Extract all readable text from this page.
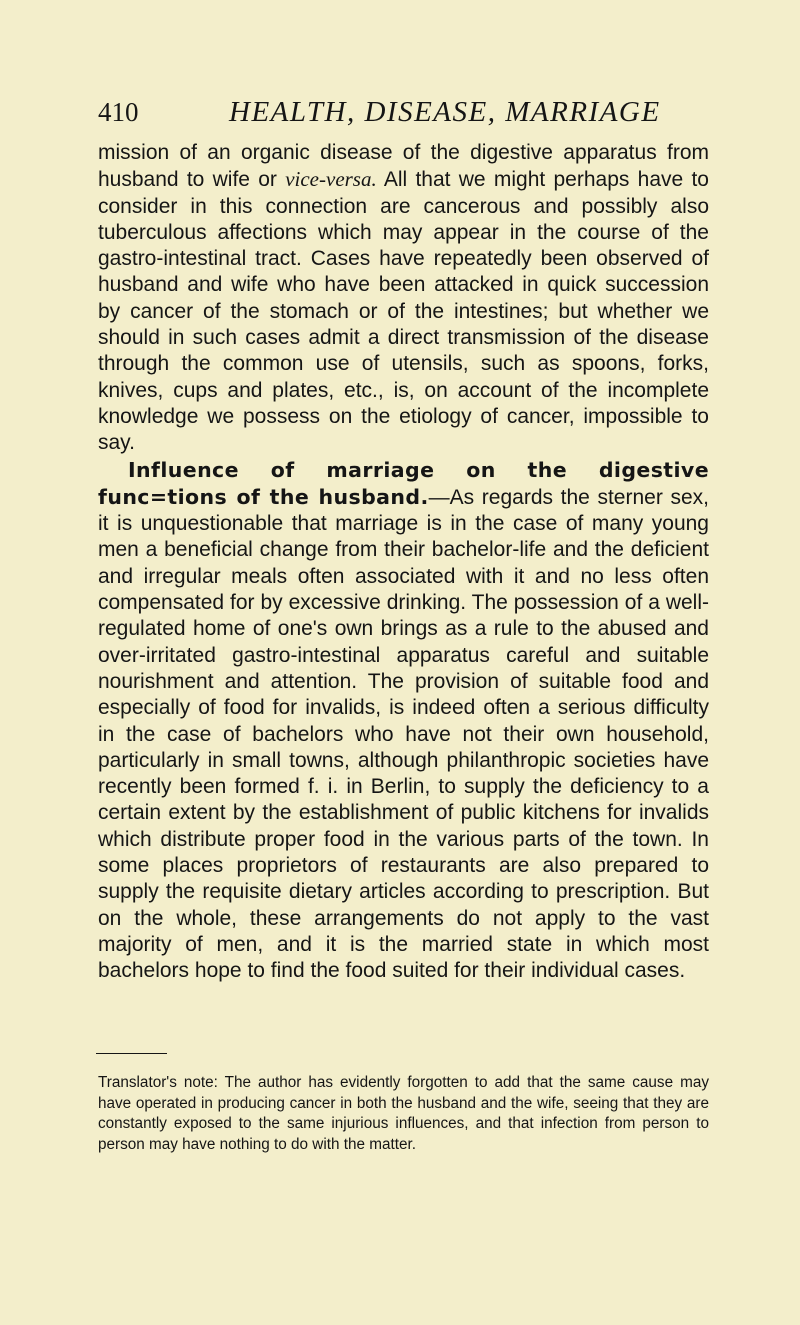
410	HEALTH, DISEASE, MARRIAGE

mission of an organic disease of the digestive apparatus from husband to wife or vice-versa. All that we might perhaps have to consider in this connection are cancerous and possibly also tuberculous affections which may appear in the course of the gastro-intestinal tract. Cases have repeatedly been observed of husband and wife who have been attacked in quick succession by cancer of the stomach or of the intestines; but whether we should in such cases admit a direct transmission of the disease through the common use of utensils, such as spoons, forks, knives, cups and plates, etc., is, on account of the incomplete knowledge we possess on the etiology of cancer, impossible to say.

Influence of marriage on the digestive func=tions of the husband.—As regards the sterner sex, it is unquestionable that marriage is in the case of many young men a beneficial change from their bachelor-life and the deficient and irregular meals often associated with it and no less often compensated for by excessive drinking. The possession of a well-regulated home of one's own brings as a rule to the abused and over-irritated gastro-intestinal apparatus careful and suitable nourishment and attention. The provision of suitable food and especially of food for invalids, is indeed often a serious difficulty in the case of bachelors who have not their own household, particularly in small towns, although philanthropic societies have recently been formed f. i. in Berlin, to supply the deficiency to a certain extent by the establishment of public kitchens for invalids which distribute proper food in the various parts of the town. In some places proprietors of restaurants are also prepared to supply the requisite dietary articles according to prescription. But on the whole, these arrangements do not apply to the vast majority of men, and it is the married state in which most bachelors hope to find the food suited for their individual cases.

Translator's note: The author has evidently forgotten to add that the same cause may have operated in producing cancer in both the husband and the wife, seeing that they are constantly exposed to the same injurious influences, and that infection from person to person may have nothing to do with the matter.
